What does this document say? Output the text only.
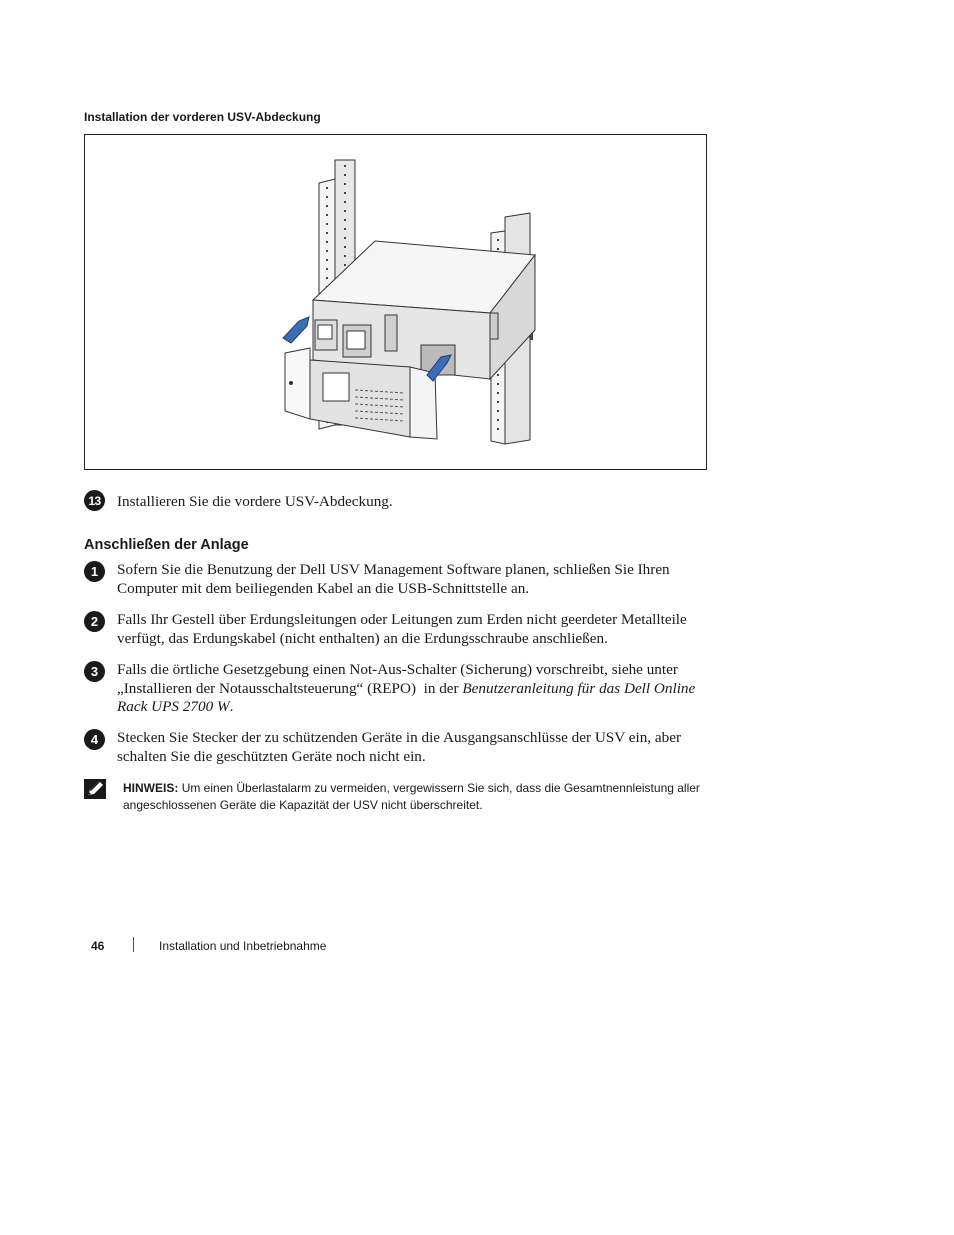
Installation der vorderen USV-Abdeckung
13 Installieren Sie die vordere USV-Abdeckung.
Anschließen der Anlage
1	Sofern Sie die Benutzung der Dell USV Management Software planen, schließen Sie Ihren
Computer mit dem beiliegenden Kabel an die USB-Schnittstelle an.
2	Falls Ihr Gestell über Erdungsleitungen oder Leitungen zum Erden nicht geerdeter Metallteile
verfügt, das Erdungskabel (nicht enthalten) an die Erdungsschraube anschließen.
3	Falls die örtliche Gesetzgebung einen Not-Aus-Schalter (Sicherung) vorschreibt, siehe unter
„Installieren der Notausschaltsteuerung“ (REPO)  in der Benutzeranleitung für das Dell Online
Rack UPS 2700 W.
4	Stecken Sie Stecker der zu schützenden Geräte in die Ausgangsanschlüsse der USV ein, aber
schalten Sie die geschützten Geräte noch nicht ein.
HINWEIS: Um einen Überlastalarm zu vermeiden, vergewissern Sie sich, dass die Gesamtnennleistung aller
angeschlossenen Geräte die Kapazität der USV nicht überschreitet.
46	Installation und Inbetriebnahme
